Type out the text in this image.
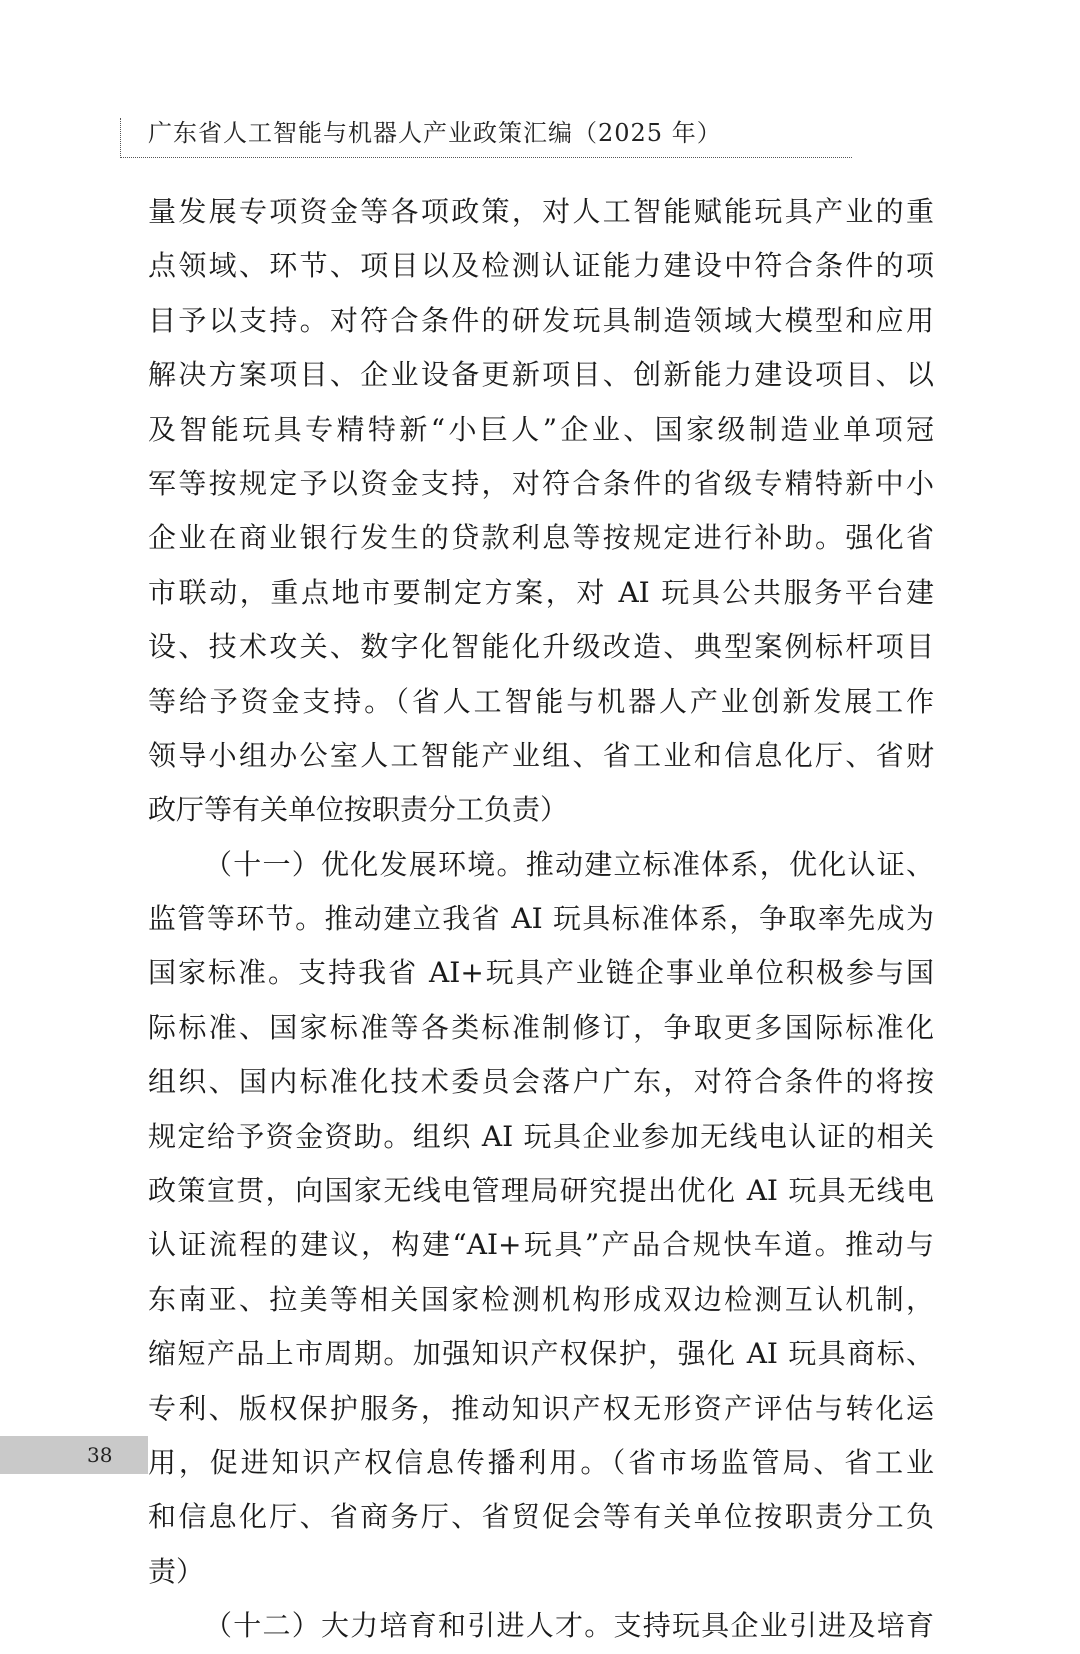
广东省人工智能与机器人产业政策汇编（2025 年）
量发展专项资金等各项政策，对人工智能赋能玩具产业的重
点领域、环节、项目以及检测认证能力建设中符合条件的项
目予以支持。对符合条件的研发玩具制造领域大模型和应用
解决方案项目、企业设备更新项目、创新能力建设项目、以
及智能玩具专精特新“小巨人”企业、国家级制造业单项冠
军等按规定予以资金支持，对符合条件的省级专精特新中小
企业在商业银行发生的贷款利息等按规定进行补助。强化省
市联动，重点地市要制定方案，对 AI 玩具公共服务平台建
设、技术攻关、数字化智能化升级改造、典型案例标杆项目
等给予资金支持。（省人工智能与机器人产业创新发展工作
领导小组办公室人工智能产业组、省工业和信息化厅、省财
政厅等有关单位按职责分工负责）
（十一）优化发展环境。推动建立标准体系，优化认证、
监管等环节。推动建立我省 AI 玩具标准体系，争取率先成为
国家标准。支持我省 AI+玩具产业链企事业单位积极参与国
际标准、国家标准等各类标准制修订，争取更多国际标准化
组织、国内标准化技术委员会落户广东，对符合条件的将按
规定给予资金资助。组织 AI 玩具企业参加无线电认证的相关
政策宣贯，向国家无线电管理局研究提出优化 AI 玩具无线电
认证流程的建议，构建“AI+玩具”产品合规快车道。推动与
东南亚、拉美等相关国家检测机构形成双边检测互认机制，
缩短产品上市周期。加强知识产权保护，强化 AI 玩具商标、
专利、版权保护服务，推动知识产权无形资产评估与转化运
用，促进知识产权信息传播利用。（省市场监管局、省工业
和信息化厅、省商务厅、省贸促会等有关单位按职责分工负
责）
（十二）大力培育和引进人才。支持玩具企业引进及培育
38
